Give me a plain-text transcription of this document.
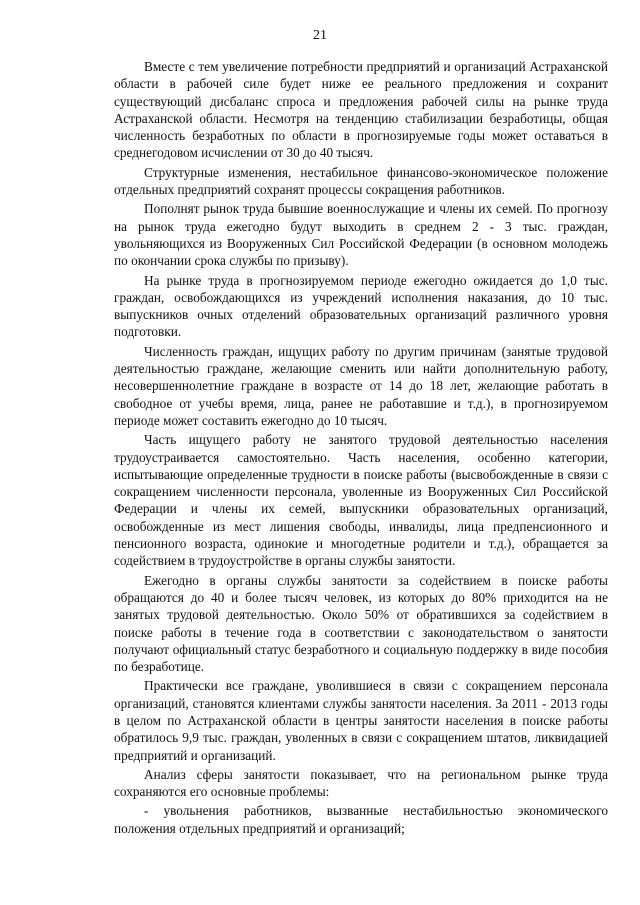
21

Вместе с тем увеличение потребности предприятий и организаций Астраханской области в рабочей силе будет ниже ее реального предложения и сохранит существующий дисбаланс спроса и предложения рабочей силы на рынке труда Астраханской области. Несмотря на тенденцию стабилизации безработицы, общая численность безработных по области в прогнозируемые годы может оставаться в среднегодовом исчислении от 30 до 40 тысяч.

Структурные изменения, нестабильное финансово-экономическое положение отдельных предприятий сохранят процессы сокращения работников.

Пополнят рынок труда бывшие военнослужащие и члены их семей. По прогнозу на рынок труда ежегодно будут выходить в среднем 2 - 3 тыс. граждан, увольняющихся из Вооруженных Сил Российской Федерации (в основном молодежь по окончании срока службы по призыву).

На рынке труда в прогнозируемом периоде ежегодно ожидается до 1,0 тыс. граждан, освобождающихся из учреждений исполнения наказания, до 10 тыс. выпускников очных отделений образовательных организаций различного уровня подготовки.

Численность граждан, ищущих работу по другим причинам (занятые трудовой деятельностью граждане, желающие сменить или найти дополнительную работу, несовершеннолетние граждане в возрасте от 14 до 18 лет, желающие работать в свободное от учебы время, лица, ранее не работавшие и т.д.), в прогнозируемом периоде может составить ежегодно до 10 тысяч.

Часть ищущего работу не занятого трудовой деятельностью населения трудоустраивается самостоятельно. Часть населения, особенно категории, испытывающие определенные трудности в поиске работы (высвобожденные в связи с сокращением численности персонала, уволенные из Вооруженных Сил Российской Федерации и члены их семей, выпускники образовательных организаций, освобожденные из мест лишения свободы, инвалиды, лица предпенсионного и пенсионного возраста, одинокие и многодетные родители и т.д.), обращается за содействием в трудоустройстве в органы службы занятости.

Ежегодно в органы службы занятости за содействием в поиске работы обращаются до 40 и более тысяч человек, из которых до 80% приходится на не занятых трудовой деятельностью. Около 50% от обратившихся за содействием в поиске работы в течение года в соответствии с законодательством о занятости получают официальный статус безработного и социальную поддержку в виде пособия по безработице.

Практически все граждане, уволившиеся в связи с сокращением персонала организаций, становятся клиентами службы занятости населения. За 2011 - 2013 годы в целом по Астраханской области в центры занятости населения в поиске работы обратилось 9,9 тыс. граждан, уволенных в связи с сокращением штатов, ликвидацией предприятий и организаций.

Анализ сферы занятости показывает, что на региональном рынке труда сохраняются его основные проблемы:

- увольнения работников, вызванные нестабильностью экономического положения отдельных предприятий и организаций;
